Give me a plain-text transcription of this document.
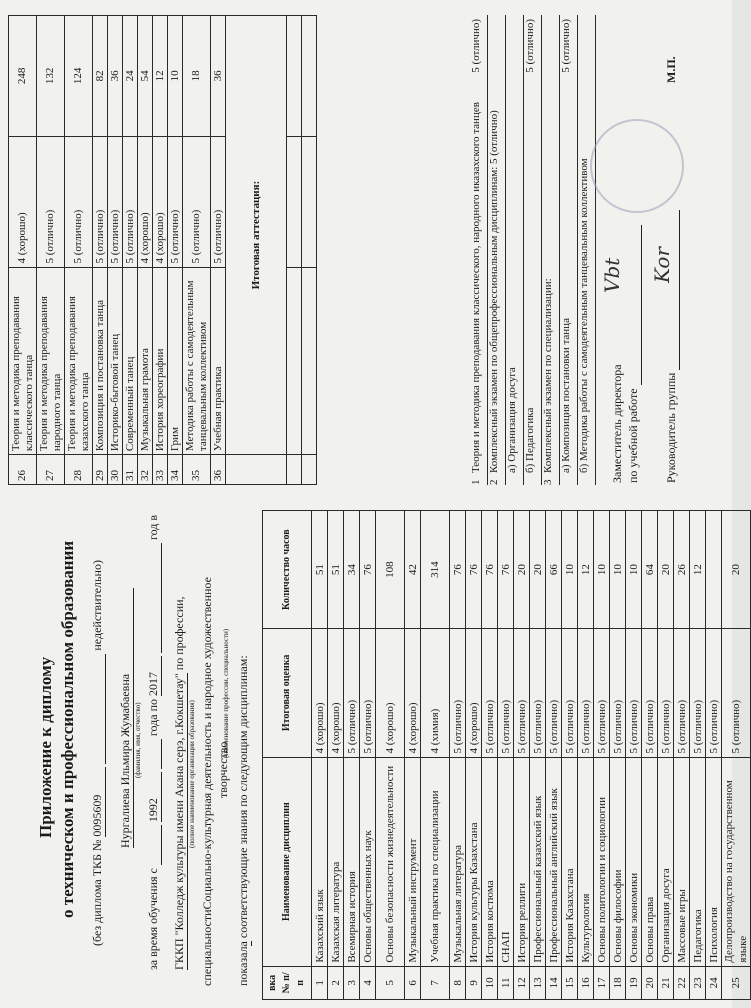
Приложение к диплому о техническом и профессиональном образовании (без диплома ТКБ № 0095609   недействительно)
Нургалиева Ильмира Жумабаевна (фамилия, имя, отчество)
за время обучения с   1992   года по 2017   год в
ГККП "Колледж культуры имени Акана серэ, г.Кокшетау" по профессии,
(полное наименование организации образования) специальностиСоциально-культурная деятельность и народное художественное творчество
(наименование профессии, специальности)
показала соответствующие знания по следующим дисциплинам:
вка № п/п	Наименование дисциплин	Итоговая оценка	Количество часов
1	Казахский язык	4 (хорошо)	51
2	Казахская литература	4 (хорошо)	51
3	Всемирная история	5 (отлично)	34
4	Основы общественных наук	5 (отлично)	76
5	Основы безопасности жизнедеятельности	4 (хорошо)	108
6	Музыкальный инструмент	4 (хорошо)	42
7	Учебная практика по специализации	4 (химия)	314
8	Музыкальная литература	5 (отлично)	76
9	История культуры Казахстана	4 (хорошо)	76
10	История костюма	5 (отлично)	76
11	СНАП	5 (отлично)	76
12	История реллиги	5 (отлично)	20
13	Профессиональный казахский язык	5 (отлично)	20
14	Профессиональный английский язык	5 (отлично)	66
15	История Казахстана	5 (отлично)	10
16	Культурология	5 (отлично)	12
17	Основы политологии и социологии	5 (отлично)	10
18	Основы философии	5 (отлично)	10
19	Основы экономики	5 (отлично)	10
20	Основы права	5 (отлично)	64
21	Организация досуга	5 (отлично)	20
22	Массовые игры	5 (отлично)	26
23	Педагогика	5 (отлично)	12
24	Психология	5 (отлично)	
25	Делопроизводство на государственном языке	5 (отлично)	20
26	Теория и методика преподавания классического танца	4 (хорошо)	248
27	Теория и методика преподавания народного танца	5 (отлично)	132
28	Теория и методика преподавания казахского танца	5 (отлично)	124
29	Композиция и постановка танца	5 (отлично)	82
30	Историко-бытовой танец	5 (отлично)	36
31	Современный танец	5 (отлично)	24
32	Музыкальная грамота	4 (хорошо)	54
33	История хореографии	4 (хорошо)	12
34	Грим	5 (отлично)	10
35	Методика работы с самодеятельным танцевальным коллективом	5 (отлично)	18
36	Учебная практика	5 (отлично)	36
	Итоговая аттестация:		

1Теория и методика преподавания классического, народного иказахского танцев
5 (отлично)
2Комплексный экзамен по общепрофессиональным дисциплинам: 5 (отлично) а) Организация досуга б) Педагогика
5 (отлично)
3Комплексный экзамен по специализации: а) Композиция постановки танца
5 (отлично)
б) Методика работы с самодеятельным танцевальным коллективом	Заместитель директора по учебной работе Руководитель группы
М.П.
Vbt Kor
